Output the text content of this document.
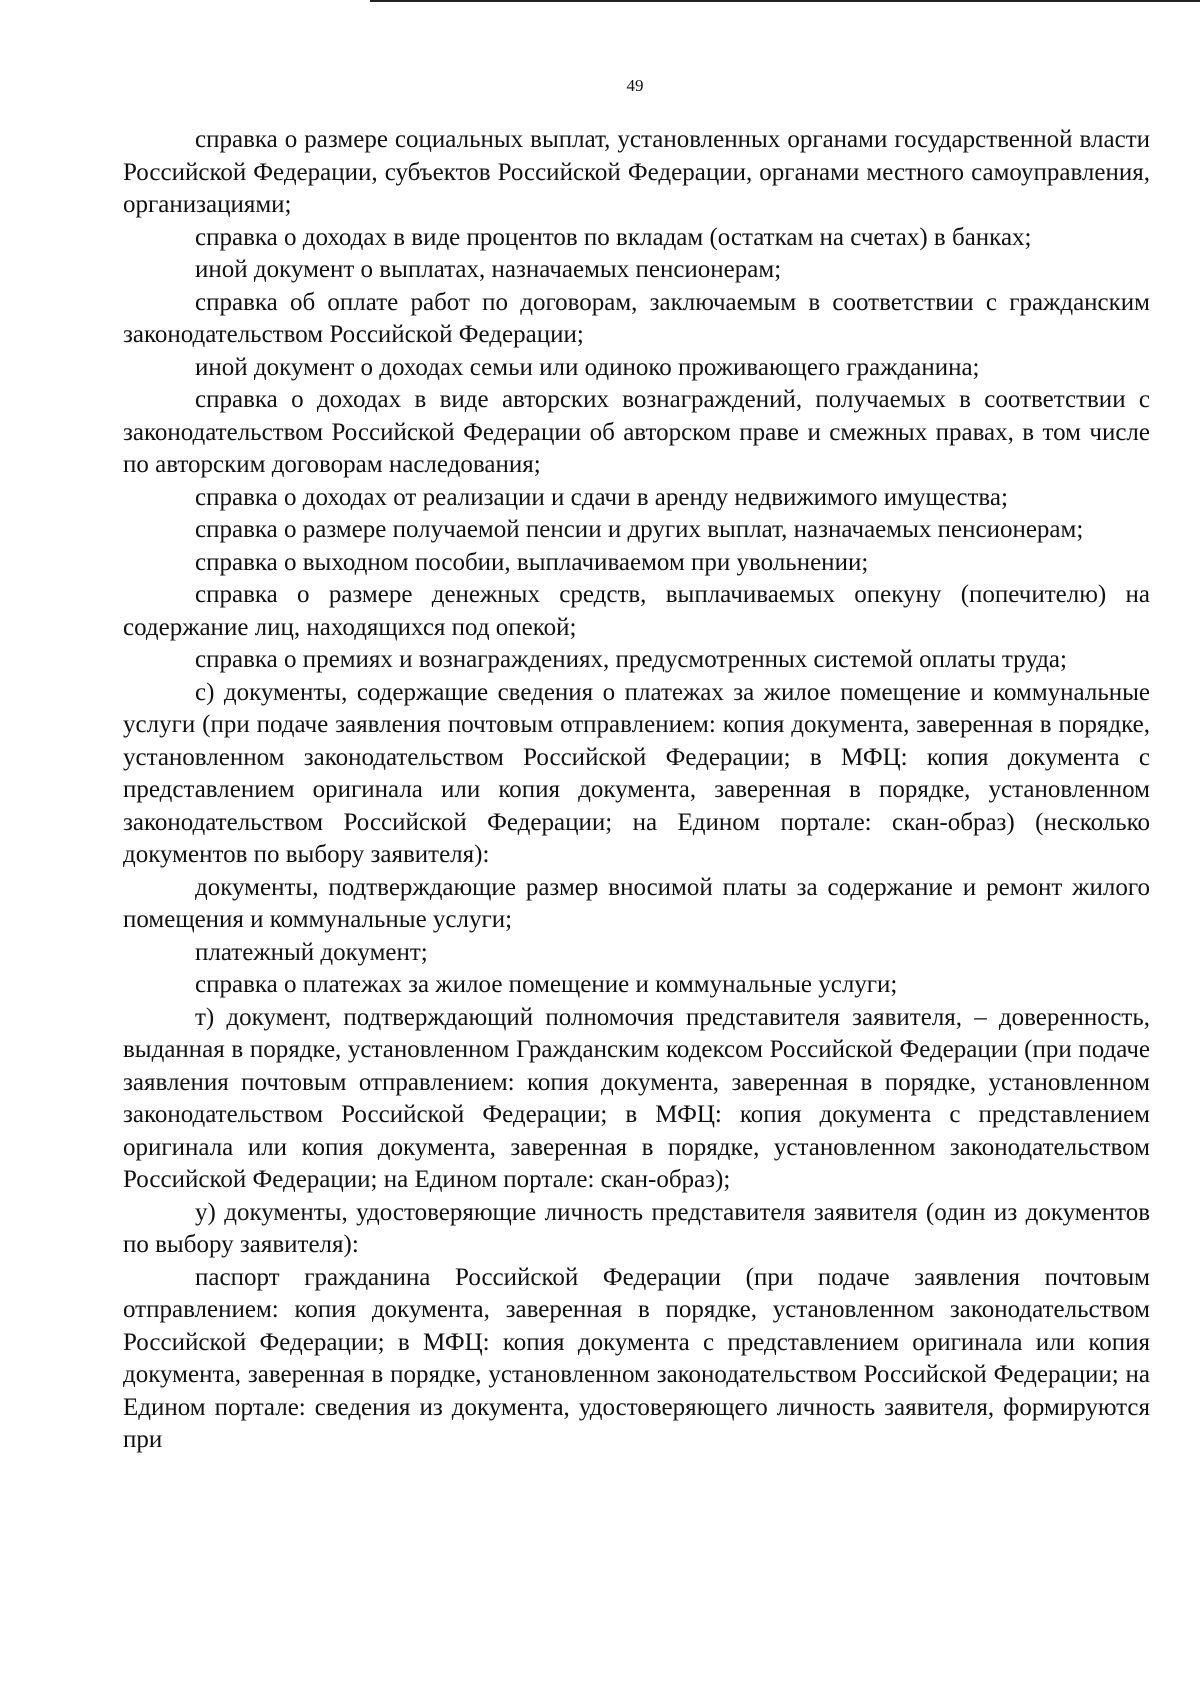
49

справка о размере социальных выплат, установленных органами государственной власти Российской Федерации, субъектов Российской Федерации, органами местного самоуправления, организациями;

справка о доходах в виде процентов по вкладам (остаткам на счетах) в банках;

иной документ о выплатах, назначаемых пенсионерам;

справка об оплате работ по договорам, заключаемым в соответствии с гражданским законодательством Российской Федерации;

иной документ о доходах семьи или одиноко проживающего гражданина;

справка о доходах в виде авторских вознаграждений, получаемых в соответствии с законодательством Российской Федерации об авторском праве и смежных правах, в том числе по авторским договорам наследования;

справка о доходах от реализации и сдачи в аренду недвижимого имущества;

справка о размере получаемой пенсии и других выплат, назначаемых пенсионерам;

справка о выходном пособии, выплачиваемом при увольнении;

справка о размере денежных средств, выплачиваемых опекуну (попечителю) на содержание лиц, находящихся под опекой;

справка о премиях и вознаграждениях, предусмотренных системой оплаты труда;

с) документы, содержащие сведения о платежах за жилое помещение и коммунальные услуги (при подаче заявления почтовым отправлением: копия документа, заверенная в порядке, установленном законодательством Российской Федерации; в МФЦ: копия документа с представлением оригинала или копия документа, заверенная в порядке, установленном законодательством Российской Федерации; на Едином портале: скан-образ) (несколько документов по выбору заявителя):

документы, подтверждающие размер вносимой платы за содержание и ремонт жилого помещения и коммунальные услуги;

платежный документ;

справка о платежах за жилое помещение и коммунальные услуги;

т) документ, подтверждающий полномочия представителя заявителя, – доверенность, выданная в порядке, установленном Гражданским кодексом Российской Федерации (при подаче заявления почтовым отправлением: копия документа, заверенная в порядке, установленном законодательством Российской Федерации; в МФЦ: копия документа с представлением оригинала или копия документа, заверенная в порядке, установленном законодательством Российской Федерации; на Едином портале: скан-образ);

у) документы, удостоверяющие личность представителя заявителя (один из документов по выбору заявителя):

паспорт гражданина Российской Федерации (при подаче заявления почтовым отправлением: копия документа, заверенная в порядке, установленном законодательством Российской Федерации; в МФЦ: копия документа с представлением оригинала или копия документа, заверенная в порядке, установленном законодательством Российской Федерации; на Едином портале: сведения из документа, удостоверяющего личность заявителя, формируются при
